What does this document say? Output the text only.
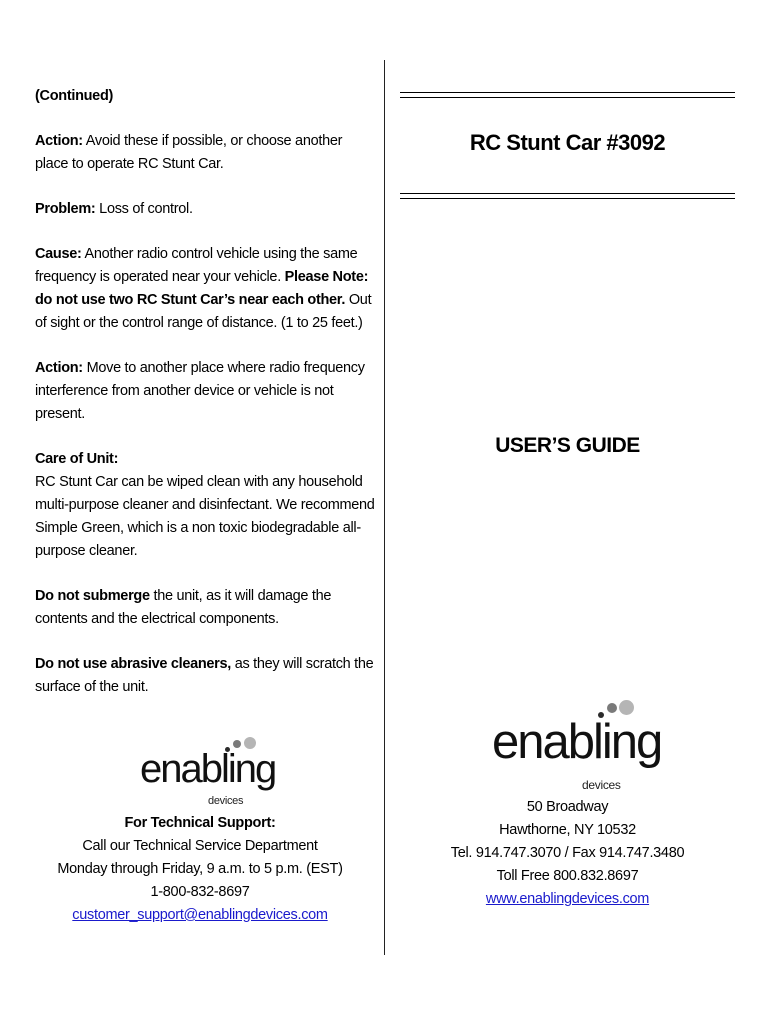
(Continued)

Action: Avoid these if possible, or choose another place to operate RC Stunt Car.

Problem: Loss of control.

Cause: Another radio control vehicle using the same frequency is operated near your vehicle. Please Note: do not use two RC Stunt Car’s near each other. Out of sight or the control range of distance. (1 to 25 feet.)

Action: Move to another place where radio frequency interference from another device or vehicle is not present.

Care of Unit:
RC Stunt Car can be wiped clean with any household multi-purpose cleaner and disinfectant. We recommend Simple Green, which is a non toxic biodegradable all-purpose cleaner.

Do not submerge the unit, as it will damage the contents and the electrical components.

Do not use abrasive cleaners, as they will scratch the surface of the unit.

enabling
devices
For Technical Support:
Call our Technical Service Department
Monday through Friday, 9 a.m. to 5 p.m. (EST)
1-800-832-8697
customer_support@enablingdevices.com
RC Stunt Car #3092
USER’S GUIDE
enabling
devices
50 Broadway
Hawthorne, NY 10532
Tel. 914.747.3070 / Fax 914.747.3480
Toll Free 800.832.8697
www.enablingdevices.com
